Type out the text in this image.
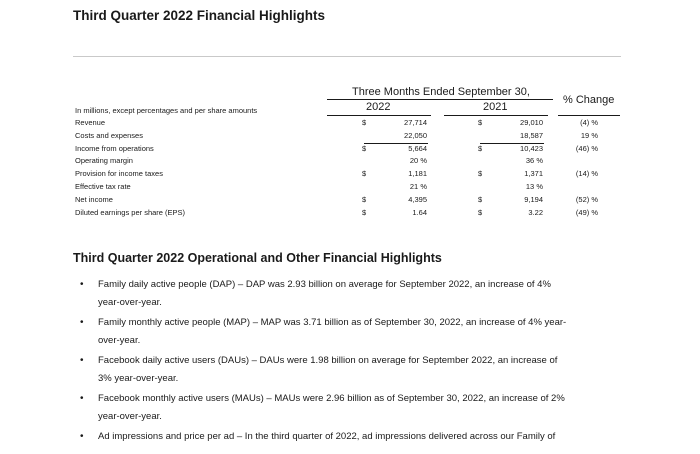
Third Quarter 2022 Financial Highlights
Three Months Ended September 30,
2022	2021
% Change
In millions, except percentages and per share amounts
Revenue	$	27,714	$	29,010	(4) %
Costs and expenses	22,050	18,587	19 %
Income from operations	$	5,664	$	10,423	(46) %
Operating margin	20 %	36 %
Provision for income taxes	$	1,181	$	1,371	(14) %
Effective tax rate	21 %	13 %
Net income	$	4,395	$	9,194	(52) %
Diluted earnings per share (EPS)	$	1.64	$	3.22	(49) %
Third Quarter 2022 Operational and Other Financial Highlights
• Family daily active people (DAP) – DAP was 2.93 billion on average for September 2022, an increase of 4%
year-over-year.
• Family monthly active people (MAP) – MAP was 3.71 billion as of September 30, 2022, an increase of 4% year-
over-year.
• Facebook daily active users (DAUs) – DAUs were 1.98 billion on average for September 2022, an increase of
3% year-over-year.
• Facebook monthly active users (MAUs) – MAUs were 2.96 billion as of September 30, 2022, an increase of 2%
year-over-year.
• Ad impressions and price per ad – In the third quarter of 2022, ad impressions delivered across our Family of
